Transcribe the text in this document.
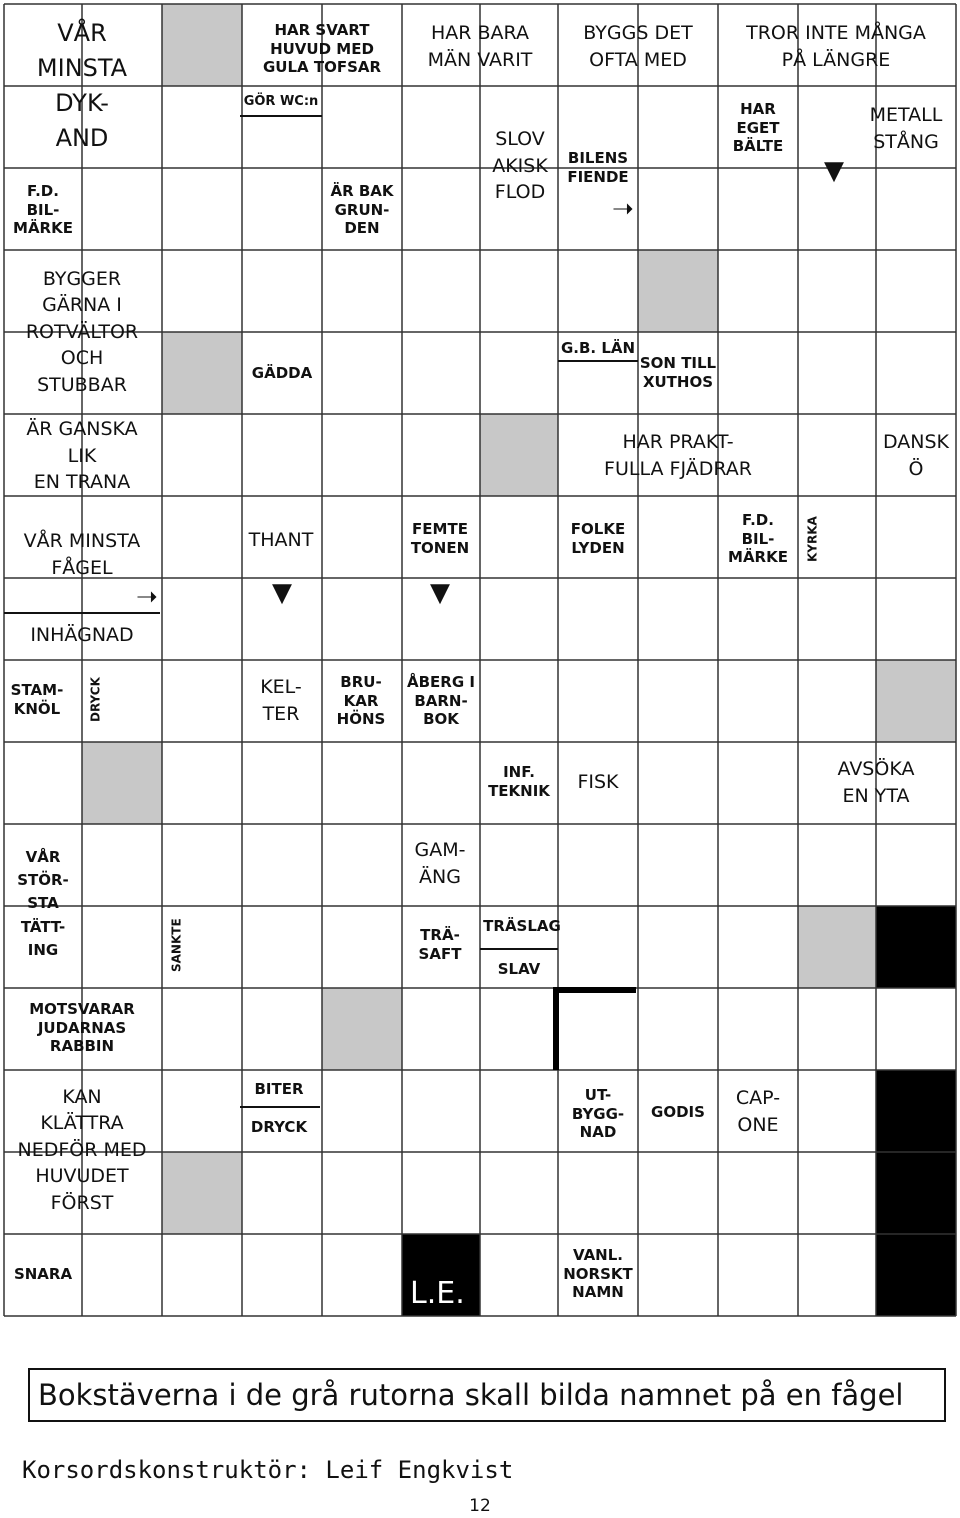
VÅR
MINSTA
DYK-
AND
HAR SVART
HUVUD MED
GULA TOFSAR
GÖR WC:n
HAR BARA
MÄN VARIT
BYGGS DET
OFTA MED
TROR INTE MÅNGA
PÅ LÄNGRE
HAR
EGET
BÄLTE
METALL
STÅNG
SLOV
AKISK
FLOD
BILENS
FIENDE
F.D.
BIL-
MÄRKE
ÄR BAK
GRUN-
DEN
BYGGER
GÄRNA I
ROTVÄLTOR
OCH
STUBBAR
GÄDDA
G.B. LÄN
SON TILL
XUTHOS
ÄR GANSKA
LIK
EN TRANA
HAR PRAKT-
FULLA FJÄDRAR
DANSK
Ö
VÅR MINSTA
FÅGEL
THANT	FEMTE
TONEN
FOLKE
LYDEN
F.D.
BIL-
MÄRKE	KYRKA
INHÄGNAD
STAM-
KNÖL	DRYCK	KEL-
TER
BRU-
KAR
HÖNS
ÅBERG I
BARN-
BOK
INF.
TEKNIK	FISK
AVSÖKA
EN YTA
VÅR
STÖR-
STA
TÄTT-
ING	SANKTE
GAM-
ÄNG
TRÄ-
SAFT
TRÄSLAG
SLAV
MOTSVARAR
JUDARNAS
RABBIN
KAN
KLÄTTRA
NEDFÖR MED
HUVUDET
FÖRST
BITER
DRYCK
UT-
BYGG-
NAD
GODIS
CAP-
ONE
SNARA
VANL.
NORSKT
NAMN
➝
➝	▼	▼
▼
L.E.
Bokstäverna i de grå rutorna skall bilda namnet på en fågel
Korsordskonstruktör: Leif Engkvist
12
